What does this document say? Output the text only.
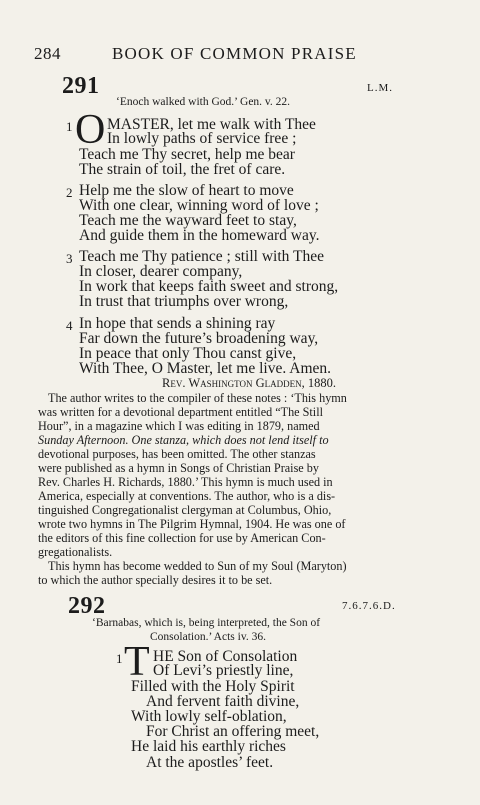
284	BOOK OF COMMON PRAISE
291	L.M.
‘Enoch walked with God.’ Gen. v. 22.
1 O MASTER, let me walk with Thee
In lowly paths of service free ;
Teach me Thy secret, help me bear
The strain of toil, the fret of care.
2 Help me the slow of heart to move
With one clear, winning word of love ;
Teach me the wayward feet to stay,
And guide them in the homeward way.
3 Teach me Thy patience ; still with Thee
In closer, dearer company,
In work that keeps faith sweet and strong,
In trust that triumphs over wrong,
4 In hope that sends a shining ray
Far down the future’s broadening way,
In peace that only Thou canst give,
With Thee, O Master, let me live. Amen.
Rev. Washington Gladden, 1880.
The author writes to the compiler of these notes : ‘This hymn
was written for a devotional department entitled “The Still
Hour”, in a magazine which I was editing in 1879, named
Sunday Afternoon. One stanza, which does not lend itself to
devotional purposes, has been omitted. The other stanzas
were published as a hymn in Songs of Christian Praise by
Rev. Charles H. Richards, 1880.’ This hymn is much used in
America, especially at conventions. The author, who is a dis-
tinguished Congregationalist clergyman at Columbus, Ohio,
wrote two hymns in The Pilgrim Hymnal, 1904. He was one of
the editors of this fine collection for use by American Con-
gregationalists.
This hymn has become wedded to Sun of my Soul (Maryton)
to which the author specially desires it to be set.
292	7.6.7.6.D.
‘Barnabas, which is, being interpreted, the Son of
Consolation.’ Acts iv. 36.
1 T HE Son of Consolation
Of Levi’s priestly line,
Filled with the Holy Spirit
And fervent faith divine,
With lowly self-oblation,
For Christ an offering meet,
He laid his earthly riches
At the apostles’ feet.
